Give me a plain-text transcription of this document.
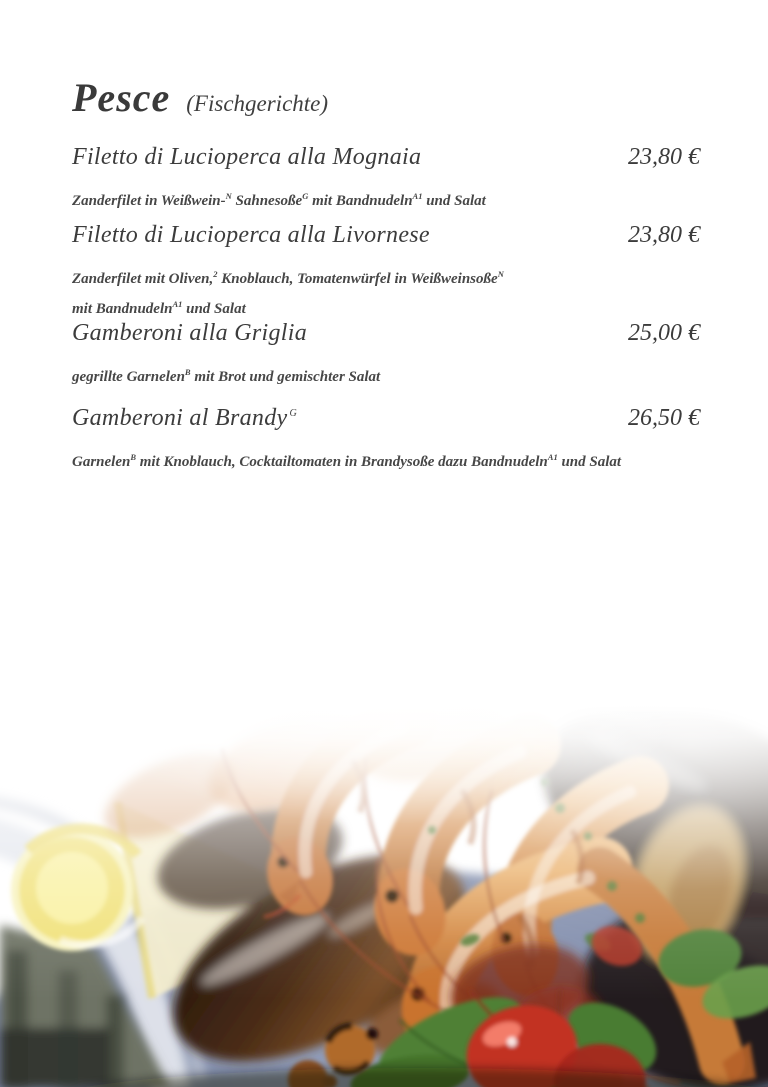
Pesce (Fischgerichte)
Filetto di Lucioperca alla Mognaia	23,80 €
Zanderfilet in Weißwein-$^N$ Sahnesoße$^G$ mit Bandnudeln$^{A1}$ und Salat
Filetto di Lucioperca alla Livornese	23,80 €
Zanderfilet mit Oliven,$^2$ Knoblauch, Tomatenwürfel in Weißweinsoße$^N$
mit Bandnudeln$^{A1}$ und Salat
Gamberoni alla Griglia	25,00 €
gegrillte Garnelen$^B$ mit Brot und gemischter Salat
Gamberoni al Brandy $^G$	26,50 €
Garnelen$^B$ mit Knoblauch, Cocktailtomaten in Brandysoße dazu Bandnudeln$^{A1}$ und Salat
